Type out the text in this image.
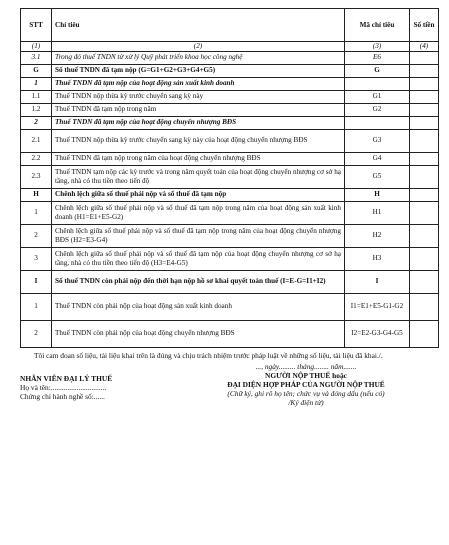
STT	Chỉ tiêu	Mã chỉ tiêu	Số tiền
(1)	(2)	(3)	(4)
3.1	Trong đó thuế TNDN từ xử lý Quỹ phát triển khoa học công nghệ	E6	
G	Số thuế TNDN đã tạm nộp (G=G1+G2+G3+G4+G5)	G	
1	Thuế TNDN đã tạm nộp của hoạt động sản xuất kinh doanh		
1.1	Thuế TNDN nộp thừa kỳ trước chuyển sang kỳ này	G1	
1.2	Thuế TNDN đã tạm nộp trong năm	G2	
2	Thuế TNDN đã tạm nộp của hoạt động chuyển nhượng BĐS		
2.1	Thuế TNDN nộp thừa kỳ trước chuyển sang kỳ này của hoạt động chuyển nhượng BĐS	G3	
2.2	Thuế TNDN đã tạm nộp trong năm của hoạt động chuyển nhượng BĐS	G4	
2.3	Thuế TNDN tạm nộp các kỳ trước và trong năm quyết toán của hoạt động chuyển nhượng cơ sở hạ tầng, nhà có thu tiền theo tiến độ	G5	
H	Chênh lệch giữa số thuế phải nộp và số thuế đã tạm nộp	H	
1	Chênh lệch giữa số thuế phải nộp và số thuế đã tạm nộp trong năm của hoạt động sản xuất kinh doanh (H1=E1+E5-G2)	H1	
2	Chênh lệch giữa số thuế phải nộp và số thuế đã tạm nộp trong năm của hoạt động chuyển nhượng BĐS (H2=E3-G4)	H2	
3	Chênh lệch giữa số thuế phải nộp và số thuế đã tạm nộp của hoạt động chuyển nhượng cơ sở hạ tầng, nhà có thu tiền theo tiến độ (H3=E4-G5)	H3	
I	Số thuế TNDN còn phải nộp đến thời hạn nộp hồ sơ khai quyết toán thuế (I=E-G=I1+I2)	I	
1	Thuế TNDN còn phải nộp của hoạt động sản xuất kinh doanh	I1=E1+E5-G1-G2	
2	Thuế TNDN còn phải nộp của hoạt động chuyển nhượng BĐS	I2=E2-G3-G4-G5	
Tôi cam đoan số liệu, tài liệu khai trên là đúng và chịu trách nhiệm trước pháp luật về những số liệu, tài liệu đã khai./.
NHÂN VIÊN ĐẠI LÝ THUẾ
Họ và tên:..............................
Chứng chỉ hành nghề số:......
..., ngày......... tháng........ năm.......
NGƯỜI NỘP THUẾ hoặc
ĐẠI DIỆN HỢP PHÁP CỦA NGƯỜI NỘP THUẾ
(Chữ ký, ghi rõ họ tên; chức vụ và đóng dấu (nếu có)
/Ký điện tử)
